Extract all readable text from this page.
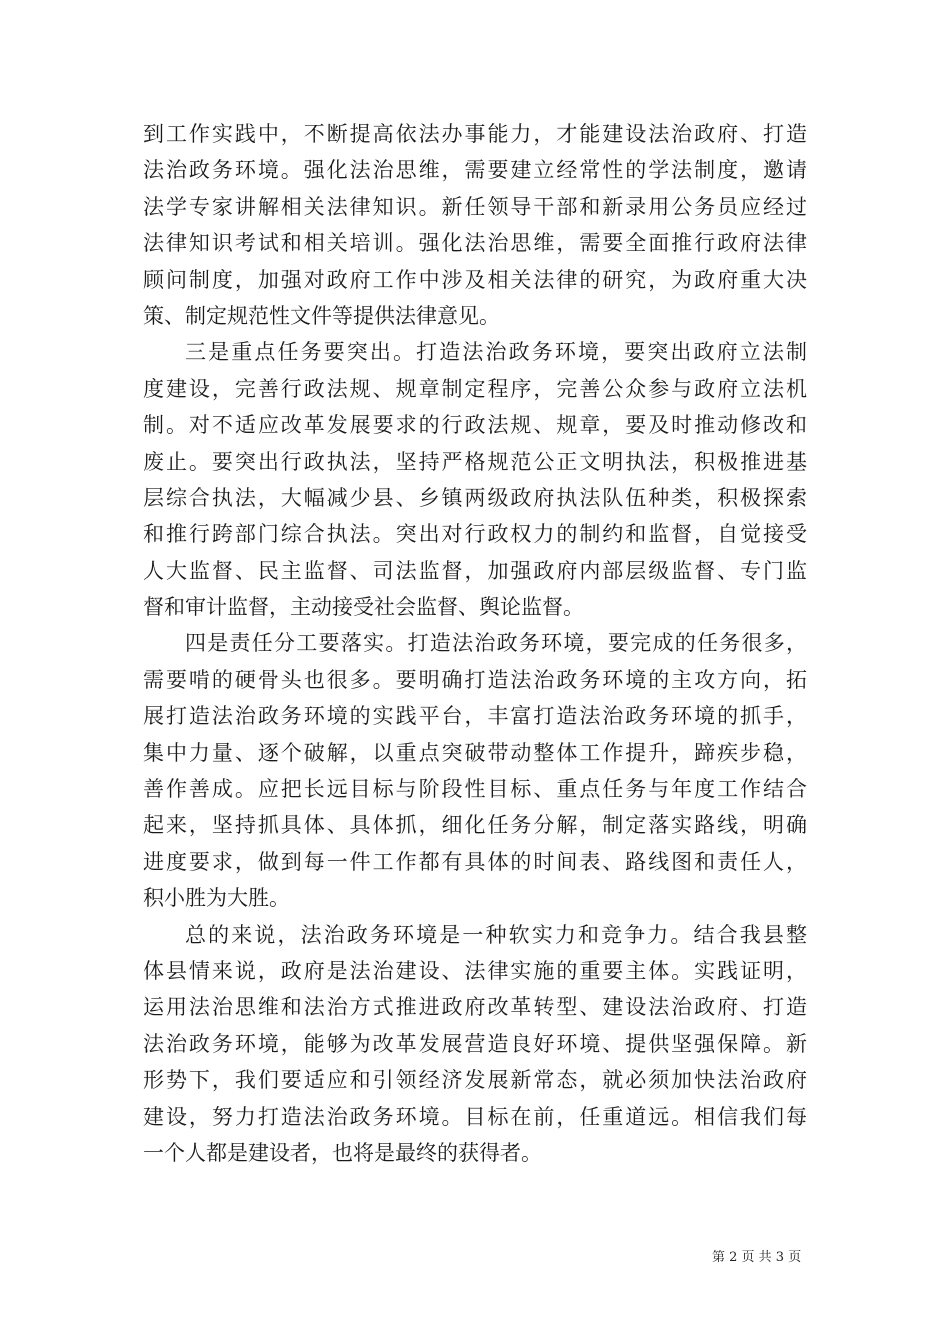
到工作实践中，不断提高依法办事能力，才能建设法治政府、打造
法治政务环境。强化法治思维，需要建立经常性的学法制度，邀请
法学专家讲解相关法律知识。新任领导干部和新录用公务员应经过
法律知识考试和相关培训。强化法治思维，需要全面推行政府法律
顾问制度，加强对政府工作中涉及相关法律的研究，为政府重大决
策、制定规范性文件等提供法律意见。
三是重点任务要突出。打造法治政务环境，要突出政府立法制
度建设，完善行政法规、规章制定程序，完善公众参与政府立法机
制。对不适应改革发展要求的行政法规、规章，要及时推动修改和
废止。要突出行政执法，坚持严格规范公正文明执法，积极推进基
层综合执法，大幅减少县、乡镇两级政府执法队伍种类，积极探索
和推行跨部门综合执法。突出对行政权力的制约和监督，自觉接受
人大监督、民主监督、司法监督，加强政府内部层级监督、专门监
督和审计监督，主动接受社会监督、舆论监督。
四是责任分工要落实。打造法治政务环境，要完成的任务很多，
需要啃的硬骨头也很多。要明确打造法治政务环境的主攻方向，拓
展打造法治政务环境的实践平台，丰富打造法治政务环境的抓手，
集中力量、逐个破解，以重点突破带动整体工作提升，蹄疾步稳，
善作善成。应把长远目标与阶段性目标、重点任务与年度工作结合
起来，坚持抓具体、具体抓，细化任务分解，制定落实路线，明确
进度要求，做到每一件工作都有具体的时间表、路线图和责任人，
积小胜为大胜。
总的来说，法治政务环境是一种软实力和竞争力。结合我县整
体县情来说，政府是法治建设、法律实施的重要主体。实践证明，
运用法治思维和法治方式推进政府改革转型、建设法治政府、打造
法治政务环境，能够为改革发展营造良好环境、提供坚强保障。新
形势下，我们要适应和引领经济发展新常态，就必须加快法治政府
建设，努力打造法治政务环境。目标在前，任重道远。相信我们每
一个人都是建设者，也将是最终的获得者。
第 2 页 共 3 页
